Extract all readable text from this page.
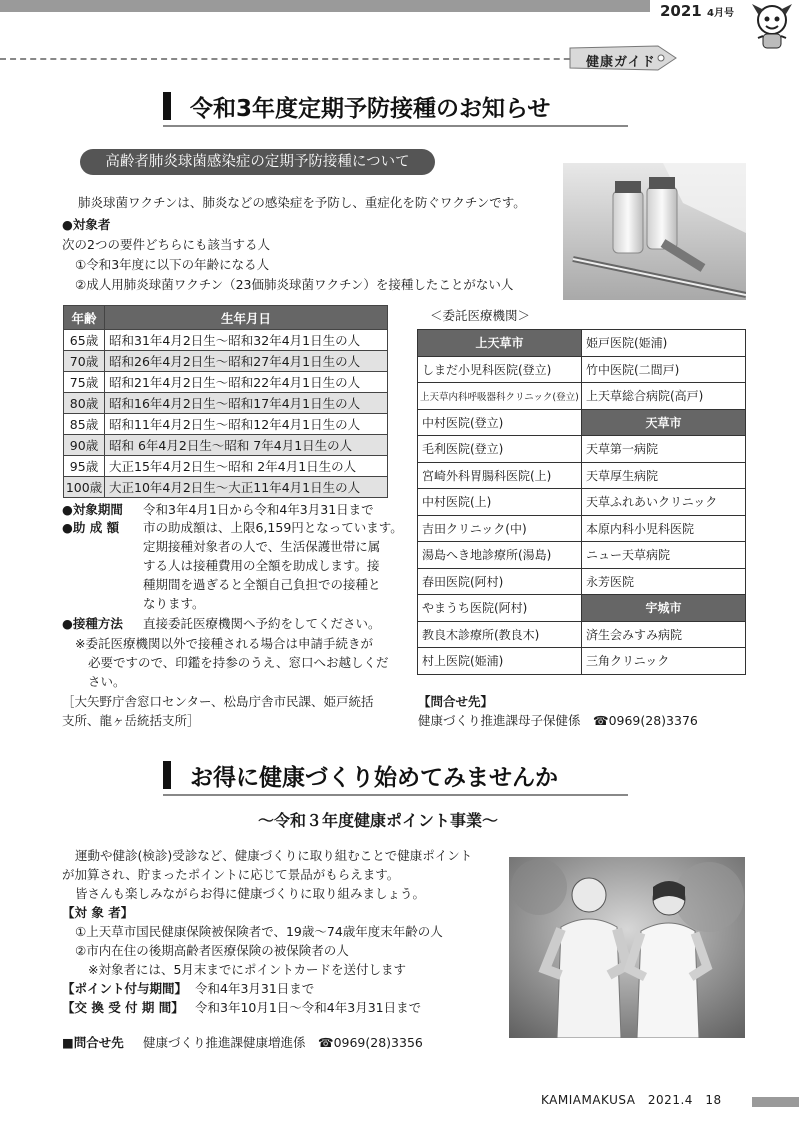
2021 4月号
健康ガイド
令和3年度定期予防接種のお知らせ
高齢者肺炎球菌感染症の定期予防接種について
肺炎球菌ワクチンは、肺炎などの感染症を予防し、重症化を防ぐワクチンです。
●対象者
次の2つの要件どちらにも該当する人
①令和3年度に以下の年齢になる人
②成人用肺炎球菌ワクチン（23価肺炎球菌ワクチン）を接種したことがない人
年齢	生年月日
65歳	昭和31年4月2日生～昭和32年4月1日生の人
70歳	昭和26年4月2日生～昭和27年4月1日生の人
75歳	昭和21年4月2日生～昭和22年4月1日生の人
80歳	昭和16年4月2日生～昭和17年4月1日生の人
85歳	昭和11年4月2日生～昭和12年4月1日生の人
90歳	昭和 6年4月2日生～昭和 7年4月1日生の人
95歳	大正15年4月2日生～昭和 2年4月1日生の人
100歳	大正10年4月2日生～大正11年4月1日生の人
＜委託医療機関＞
上天草市	姫戸医院(姫浦)
しまだ小児科医院(登立)	竹中医院(二間戸)
上天草内科呼吸器科クリニック(登立)	上天草総合病院(高戸)
中村医院(登立)	天草市
毛利医院(登立)	天草第一病院
宮崎外科胃腸科医院(上)	天草厚生病院
中村医院(上)	天草ふれあいクリニック
吉田クリニック(中)	本原内科小児科医院
湯島へき地診療所(湯島)	ニュー天草病院
春田医院(阿村)	永芳医院
やまうち医院(阿村)	宇城市
教良木診療所(教良木)	済生会みすみ病院
村上医院(姫浦)	三角クリニック
●対象期間 令和3年4月1日から令和4年3月31日まで
●助 成 額 市の助成額は、上限6,159円となっています。
定期接種対象者の人で、生活保護世帯に属
する人は接種費用の全額を助成します。接
種期間を過ぎると全額自己負担での接種と
なります。
●接種方法 直接委託医療機関へ予約をしてください。
※委託医療機関以外で接種される場合は申請手続きが
必要ですので、印鑑を持参のうえ、窓口へお越しくだ
さい。
［大矢野庁舎窓口センター、松島庁舎市民課、姫戸統括
支所、龍ヶ岳統括支所］
【問合せ先】
健康づくり推進課母子保健係　☎0969(28)3376
お得に健康づくり始めてみませんか
～令和３年度健康ポイント事業～
運動や健診(検診)受診など、健康づくりに取り組むことで健康ポイント
が加算され、貯まったポイントに応じて景品がもらえます。
皆さんも楽しみながらお得に健康づくりに取り組みましょう。
【対 象 者】
①上天草市国民健康保険被保険者で、19歳～74歳年度末年齢の人
②市内在住の後期高齢者医療保険の被保険者の人
※対象者には、5月末までにポイントカードを送付します
【ポイント付与期間】 令和4年3月31日まで
【交 換 受 付 期 間】 令和3年10月1日～令和4年3月31日まで
■問合せ先 健康づくり推進課健康増進係　☎0969(28)3356
KAMIAMAKUSA　2021.4　18
